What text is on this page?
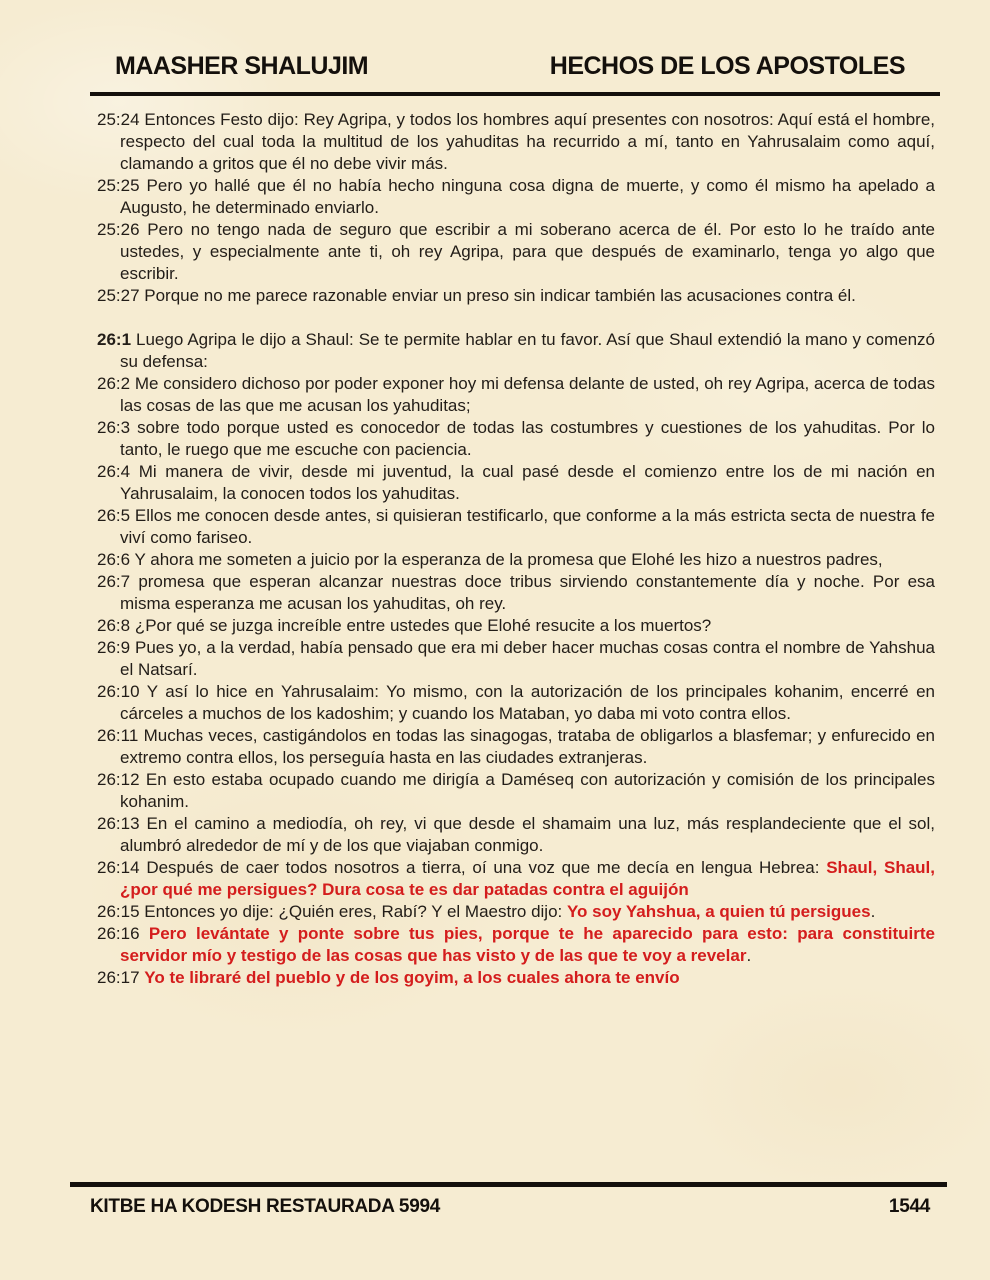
MAASHER SHALUJIM	HECHOS DE LOS APOSTOLES

25:24 Entonces Festo dijo: Rey Agripa, y todos los hombres aquí presentes con nosotros: Aquí está el hombre, respecto del cual toda la multitud de los yahuditas ha recurrido a mí, tanto en Yahrusalaim como aquí, clamando a gritos que él no debe vivir más.

25:25 Pero yo hallé que él no había hecho ninguna cosa digna de muerte, y como él mismo ha apelado a Augusto, he determinado enviarlo.

25:26 Pero no tengo nada de seguro que escribir a mi soberano acerca de él. Por esto lo he traído ante ustedes, y especialmente ante ti, oh rey Agripa, para que después de examinarlo, tenga yo algo que escribir.

25:27 Porque no me parece razonable enviar un preso sin indicar también las acusaciones contra él.

26:1 Luego Agripa le dijo a Shaul: Se te permite hablar en tu favor. Así que Shaul extendió la mano y comenzó su defensa:

26:2 Me considero dichoso por poder exponer hoy mi defensa delante de usted, oh rey Agripa, acerca de todas las cosas de las que me acusan los yahuditas;

26:3 sobre todo porque usted es conocedor de todas las costumbres y cuestiones de los yahuditas. Por lo tanto, le ruego que me escuche con paciencia.

26:4 Mi manera de vivir, desde mi juventud, la cual pasé desde el comienzo entre los de mi nación en Yahrusalaim, la conocen todos los yahuditas.

26:5 Ellos me conocen desde antes, si quisieran testificarlo, que conforme a la más estricta secta de nuestra fe viví como fariseo.

26:6 Y ahora me someten a juicio por la esperanza de la promesa que Elohé les hizo a nuestros padres,

26:7 promesa que esperan alcanzar nuestras doce tribus sirviendo constantemente día y noche. Por esa misma esperanza me acusan los yahuditas, oh rey.

26:8 ¿Por qué se juzga increíble entre ustedes que Elohé resucite a los muertos?

26:9 Pues yo, a la verdad, había pensado que era mi deber hacer muchas cosas contra el nombre de Yahshua el Natsarí.

26:10 Y así lo hice en Yahrusalaim: Yo mismo, con la autorización de los principales kohanim, encerré en cárceles a muchos de los kadoshim; y cuando los Mataban, yo daba mi voto contra ellos.

26:11 Muchas veces, castigándolos en todas las sinagogas, trataba de obligarlos a blasfemar; y enfurecido en extremo contra ellos, los perseguía hasta en las ciudades extranjeras.

26:12 En esto estaba ocupado cuando me dirigía a Daméseq con autorización y comisión de los principales kohanim.

26:13 En el camino a mediodía, oh rey, vi que desde el shamaim una luz, más resplandeciente que el sol, alumbró alrededor de mí y de los que viajaban conmigo.

26:14 Después de caer todos nosotros a tierra, oí una voz que me decía en lengua Hebrea: Shaul, Shaul, ¿por qué me persigues? Dura cosa te es dar patadas contra el aguijón

26:15 Entonces yo dije: ¿Quién eres, Rabí? Y el Maestro dijo: Yo soy Yahshua, a quien tú persigues.

26:16 Pero levántate y ponte sobre tus pies, porque te he aparecido para esto: para constituirte servidor mío y testigo de las cosas que has visto y de las que te voy a revelar.

26:17 Yo te libraré del pueblo y de los goyim, a los cuales ahora te envío

KITBE HA KODESH RESTAURADA 5994	1544
